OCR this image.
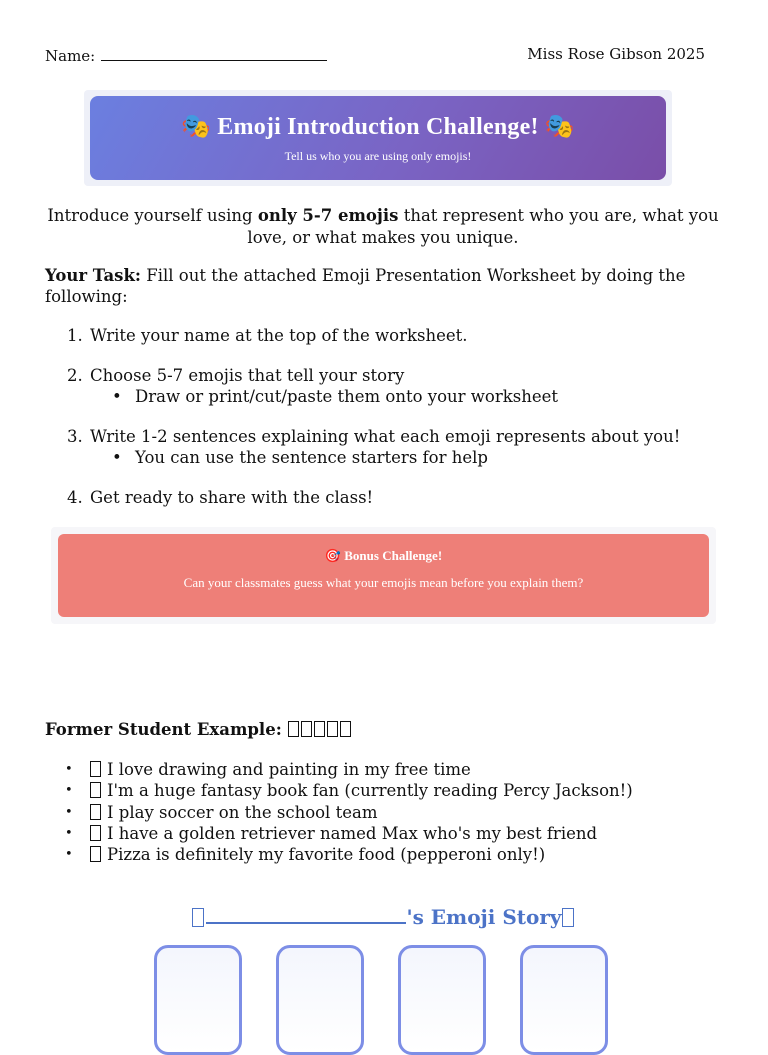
Name:	Miss Rose Gibson 2025
🎭 Emoji Introduction Challenge! 🎭
Tell us who you are using only emojis!
Introduce yourself using only 5-7 emojis that represent who you are, what you love, or what makes you unique.
Your Task: Fill out the attached Emoji Presentation Worksheet by doing the following:
1. Write your name at the top of the worksheet.
2. Choose 5-7 emojis that tell your story
• Draw or print/cut/paste them onto your worksheet
3. Write 1-2 sentences explaining what each emoji represents about you!
• You can use the sentence starters for help
4. Get ready to share with the class!
🎯 Bonus Challenge!
Can your classmates guess what your emojis mean before you explain them?
Former Student Example:
• I love drawing and painting in my free time
• I'm a huge fantasy book fan (currently reading Percy Jackson!)
• I play soccer on the school team
• I have a golden retriever named Max who's my best friend
• Pizza is definitely my favorite food (pepperoni only!)
's Emoji Story
